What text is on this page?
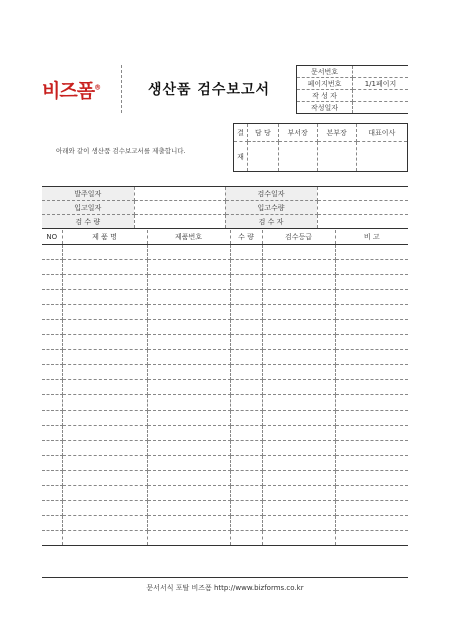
비즈폼®	생산품 검수보고서
문서번호	
페이지번호	1/1페이지
작 성 자	
작성일자	
아래와 같이 생산품 검수보고서를 제출합니다.
결	담 당	부서장	본부장	대표이사
재				
발주일자		검수일자	
입고일자		입고수량	
검 수 량		검 수 자	
NO	제 품 명	제품번호	수 량	검수등급	비 고

문서서식 포탈 비즈폼 http://www.bizforms.co.kr
